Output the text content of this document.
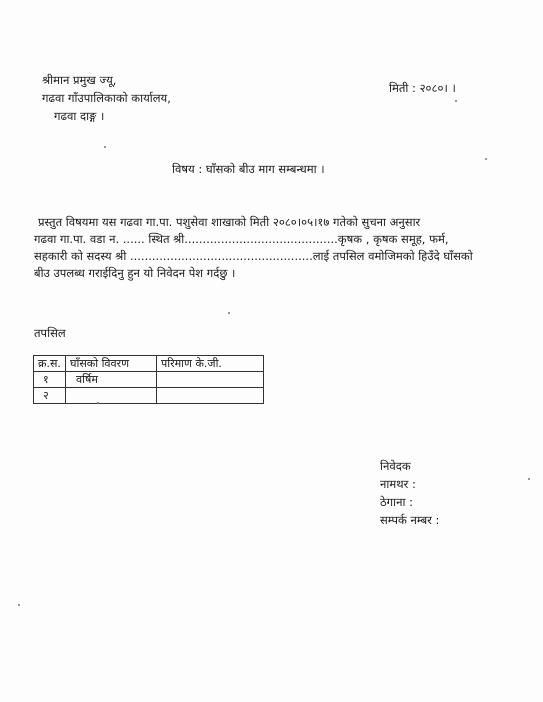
श्रीमान प्रमुख ज्यू,
गढवा गाँउपालिकाको कार्यालय,
गढवा दाङ्ग ।
मिती : २०८०। ।
विषय : घाँसको बीउ माग सम्बन्धमा ।
प्रस्तुत विषयमा यस गढवा गा.पा. पशुसेवा शाखाको मिती २०८०।०५।१७ गतेको सुचना अनुसार
गढवा गा.पा. वडा न. ...... स्थित श्री..........................................कृषक , कृषक समूह, फर्म,
सहकारी को सदस्य श्री ..................................................लाई तपसिल वमोजिमको हिउँदे घाँसको
बीउ उपलब्ध गराईदिनु हुन यो निवेदन पेश गर्दछु ।
तपसिल
क्र.स.	घाँसको विवरण	परिमाण के.जी.
१	वर्षिम	
२		
निवेदक
नामथर :
ठेगाना :
सम्पर्क नम्बर :
